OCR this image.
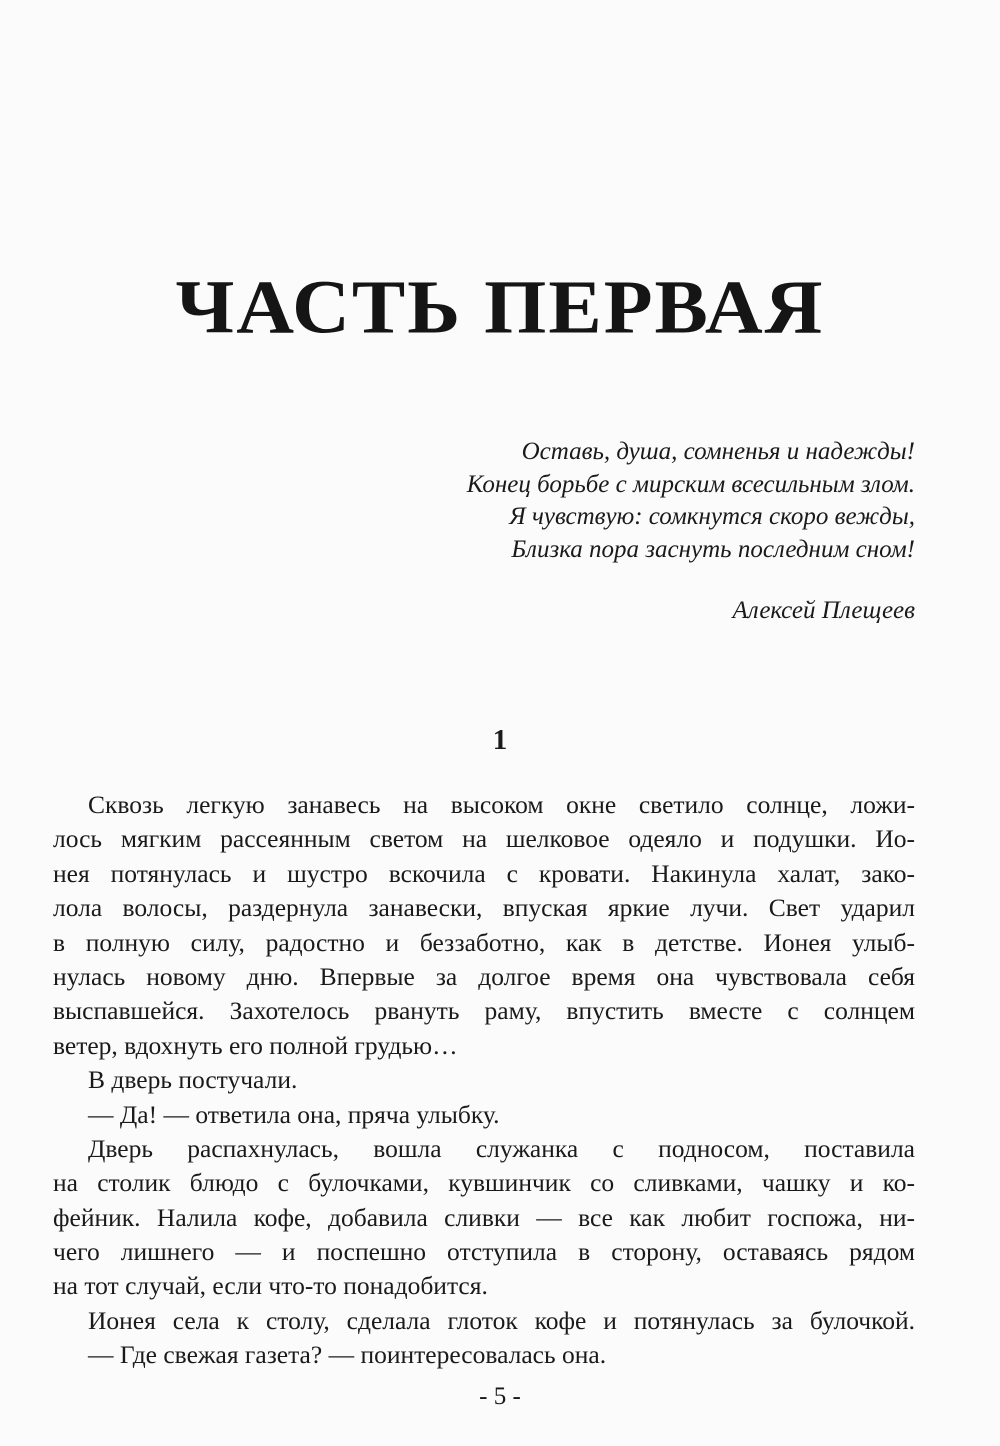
ЧАСТЬ ПЕРВАЯ
Оставь, душа, сомненья и надежды!
Конец борьбе с мирским всесильным злом.
Я чувствую: сомкнутся скоро вежды,
Близка пора заснуть последним сном!
Алексей Плещеев
1
Сквозь легкую занавесь на высоком окне светило солнце, ложи-
лось мягким рассеянным светом на шелковое одеяло и подушки. Ио-
нея потянулась и шустро вскочила с кровати. Накинула халат, зако-
лола волосы, раздернула занавески, впуская яркие лучи. Свет ударил
в полную силу, радостно и беззаботно, как в детстве. Ионея улыб-
нулась новому дню. Впервые за долгое время она чувствовала себя
выспавшейся. Захотелось рвануть раму, впустить вместе с солнцем
ветер, вдохнуть его полной грудью…
В дверь постучали.
— Да! — ответила она, пряча улыбку.
Дверь распахнулась, вошла служанка с подносом, поставила
на столик блюдо с булочками, кувшинчик со сливками, чашку и ко-
фейник. Налила кофе, добавила сливки — все как любит госпожа, ни-
чего лишнего — и поспешно отступила в сторону, оставаясь рядом
на тот случай, если что-то понадобится.
Ионея села к столу, сделала глоток кофе и потянулась за булочкой.
— Где свежая газета? — поинтересовалась она.
- 5 -
